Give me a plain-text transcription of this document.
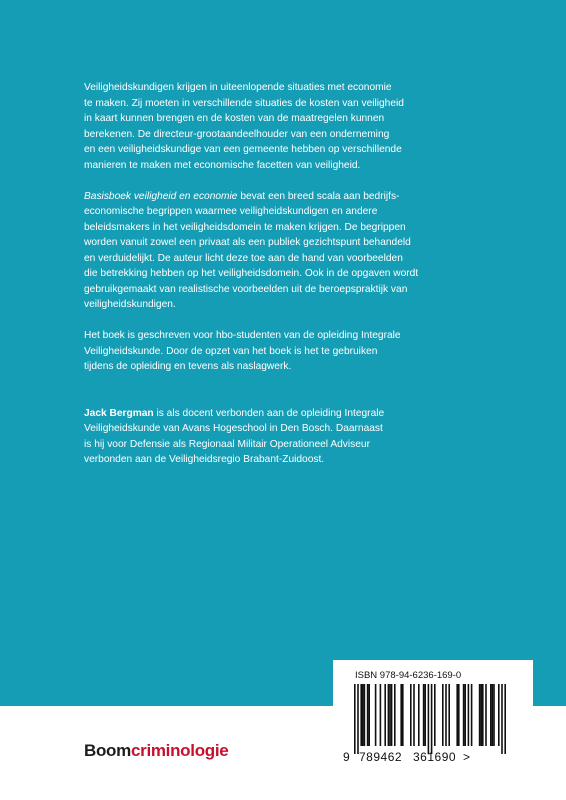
Veiligheidskundigen krijgen in uiteenlopende situaties met economie
te maken. Zij moeten in verschillende situaties de kosten van veiligheid
in kaart kunnen brengen en de kosten van de maatregelen kunnen
berekenen. De directeur-grootaandeelhouder van een onderneming
en een veiligheidskundige van een gemeente hebben op verschillende
manieren te maken met economische facetten van veiligheid.

Basisboek veiligheid en economie bevat een breed scala aan bedrijfs-
economische begrippen waarmee veiligheidskundigen en andere
beleidsmakers in het veiligheidsdomein te maken krijgen. De begrippen
worden vanuit zowel een privaat als een publiek gezichtspunt behandeld
en verduidelijkt. De auteur licht deze toe aan de hand van voorbeelden
die betrekking hebben op het veiligheidsdomein. Ook in de opgaven wordt
gebruikgemaakt van realistische voorbeelden uit de beroepspraktijk van
veiligheidskundigen.

Het boek is geschreven voor hbo-studenten van de opleiding Integrale
Veiligheidskunde. Door de opzet van het boek is het te gebruiken
tijdens de opleiding en tevens als naslagwerk.

Jack Bergman is als docent verbonden aan de opleiding Integrale
Veiligheidskunde van Avans Hogeschool in Den Bosch. Daarnaast
is hij voor Defensie als Regionaal Militair Operationeel Adviseur
verbonden aan de Veiligheidsregio Brabant-Zuidoost.

ISBN 978-94-6236-169-0
9 789462 361690 >
Boomcriminologie
